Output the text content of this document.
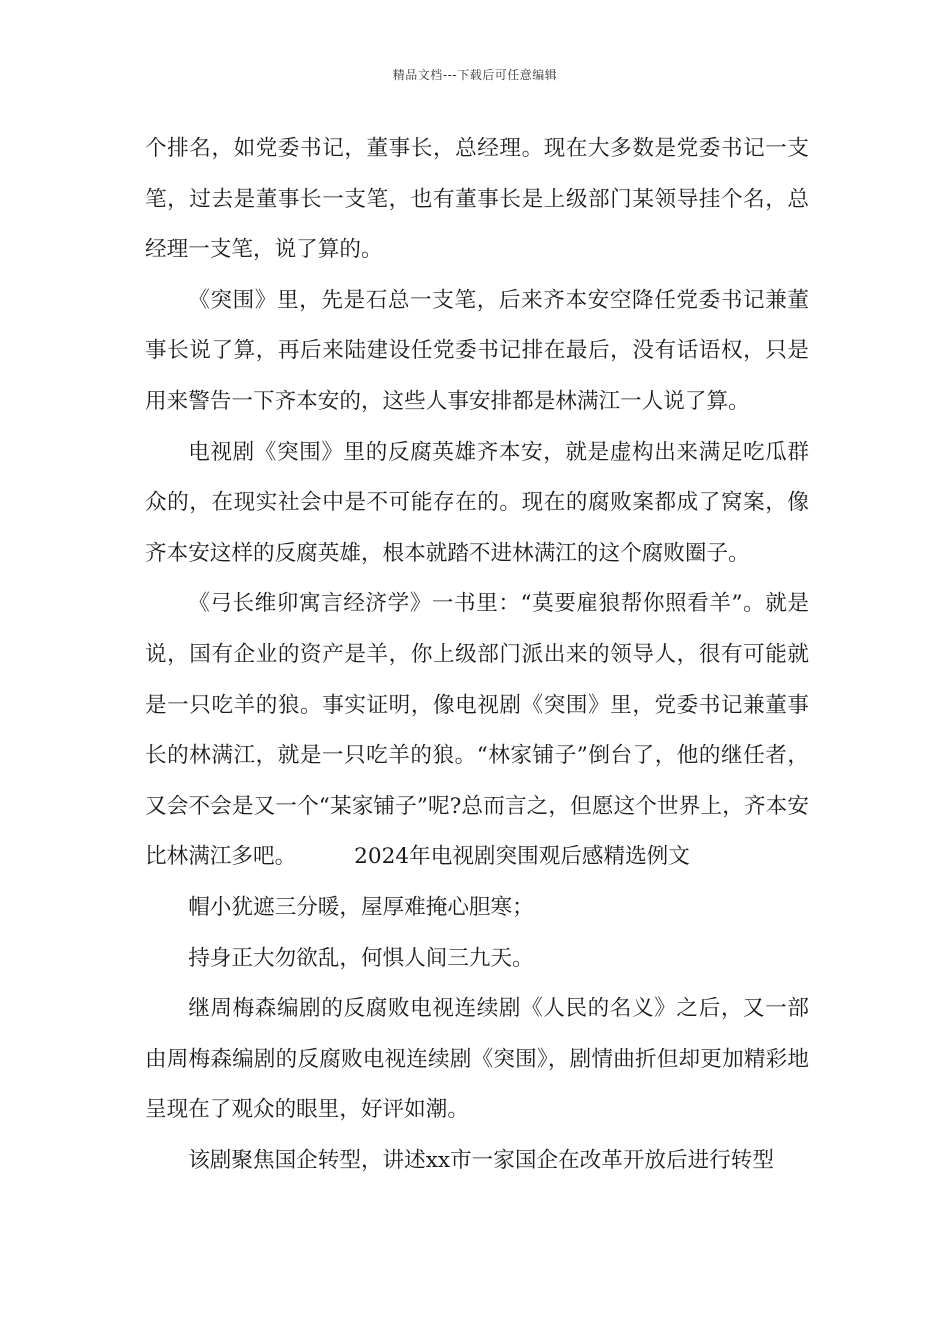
精品文档---下载后可任意编辑

个排名，如党委书记，董事长，总经理。现在大多数是党委书记一支笔，过去是董事长一支笔，也有董事长是上级部门某领导挂个名，总经理一支笔，说了算的。

《突围》里，先是石总一支笔，后来齐本安空降任党委书记兼董事长说了算，再后来陆建设任党委书记排在最后，没有话语权，只是用来警告一下齐本安的，这些人事安排都是林满江一人说了算。

电视剧《突围》里的反腐英雄齐本安，就是虚构出来满足吃瓜群众的，在现实社会中是不可能存在的。现在的腐败案都成了窝案，像齐本安这样的反腐英雄，根本就踏不进林满江的这个腐败圈子。

《弓长维卯寓言经济学》一书里：“莫要雇狼帮你照看羊”。就是说，国有企业的资产是羊，你上级部门派出来的领导人，很有可能就是一只吃羊的狼。事实证明，像电视剧《突围》里，党委书记兼董事长的林满江，就是一只吃羊的狼。“林家铺子”倒台了，他的继任者，又会不会是又一个“某家铺子”呢?总而言之，但愿这个世界上，齐本安比林满江多吧。	2024年电视剧突围观后感精选例文

帽小犹遮三分暖，屋厚难掩心胆寒；

持身正大勿欲乱，何惧人间三九天。

继周梅森编剧的反腐败电视连续剧《人民的名义》之后，又一部由周梅森编剧的反腐败电视连续剧《突围》，剧情曲折但却更加精彩地呈现在了观众的眼里，好评如潮。

该剧聚焦国企转型，讲述xx市一家国企在改革开放后进行转型
